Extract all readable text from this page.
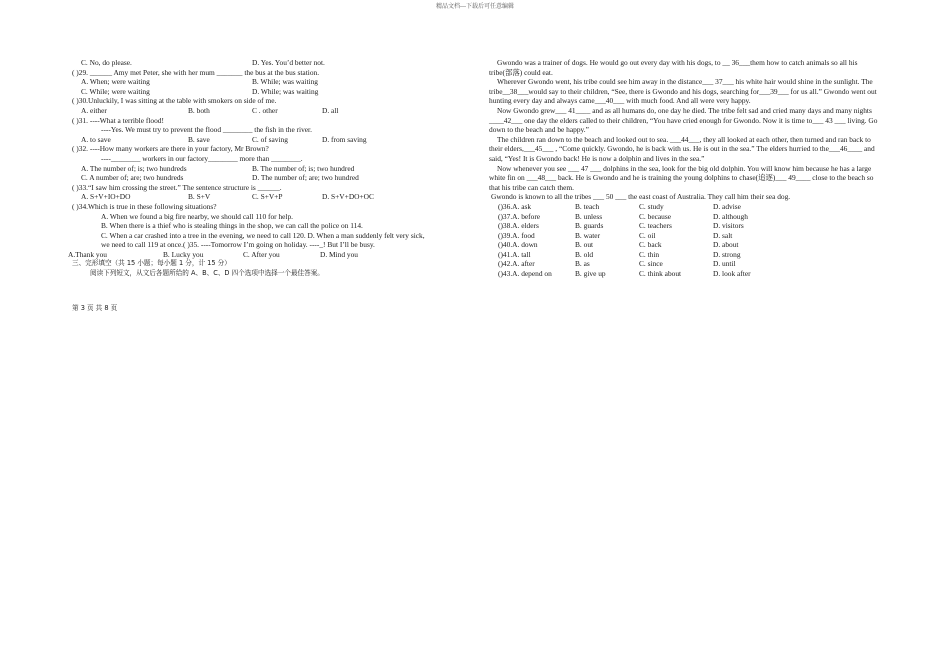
精品文档---下载后可任意编辑
C. No, do please.	D. Yes. You’d better not.
( )29. ______ Amy met Peter, she with her mum _______ the bus at the bus station.
A. When; were waiting	B. While; was waiting
C. While; were waiting	D. While; was waiting
( )30.Unluckily, I was sitting at the table with smokers on side of me.
A. either	B. both	C . other	D. all
( )31. ----What a terrible flood!
----Yes. We must try to prevent the flood ________ the fish in the river.
A. to save	B. save	C. of saving	D. from saving
( )32. ----How many workers are there in your factory, Mr Brown?
----________ workers in our factory________ more than ________.
A. The number of; is; two hundreds	B. The number of; is; two hundred
C. A number of; are; two hundreds	D. The number of; are; two hundred
( )33.“I saw him crossing the street.” The sentence structure is ______.
A. S+V+IO+DO	B. S+V	C. S+V+P	D. S+V+DO+OC
( )34.Which is true in these following situations?
A. When we found a big fire nearby, we should call 110 for help.
B. When there is a thief who is stealing things in the shop, we can call the police on 114.
C. When a car crashed into a tree in the evening, we need to call 120. D. When a man suddenly felt very sick, we need to call 119 at once.( )35. ----Tomorrow I’m going on holiday. ----_! But I’ll be busy.
A.Thank you	B. Lucky you	C. After you	D. Mind you
三、完形填空（共 15 小题；每小题 1 分，计 15 分）
阅读下列短文，从文后各题所给的 A、B、C、D 四个选项中选择一个最佳答案。
第 3 页 共 8 页
Gwondo was a trainer of dogs. He would go out every day with his dogs, to __ 36___them how to catch animals so all his tribe(部落) could eat.
Wherever Gwondo went, his tribe could see him away in the distance___ 37___ his white hair would shine in the sunlight. The tribe__38___would say to their children, “See, there is Gwondo and his dogs, searching for___39___ for us all.” Gwondo went out hunting every day and always came___40___ with much food. And all were very happy.
Now Gwondo grew___ 41____ and as all humans do, one day he died. The tribe felt sad and cried many days and many nights ____42___ one day the elders called to their children, “You have cried enough for Gwondo. Now it is time to___ 43 ___ living. Go down to the beach and be happy.”
The children ran down to the beach and looked out to sea. ___44___, they all looked at each other, then turned and ran back to their elders,___45___ , “Come quickly. Gwondo, he is back with us. He is out in the sea.” The elders hurried to the___46____ and said, “Yes! It is Gwondo back! He is now a dolphin and lives in the sea.”
Now whenever you see ___ 47 ___ dolphins in the sea, look for the big old dolphin. You will know him because he has a large white fin on ___48___ back. He is Gwondo and he is training the young dolphins to chase(追逐)___ 49____ close to the beach so that his tribe can catch them.
Gwondo is known to all the tribes ___ 50 ___ the east coast of Australia. They call him their sea dog.
()36.A. ask	B. teach	C. study	D. advise
()37.A. before	B. unless	C. because	D. although
()38.A. elders	B. guards	C. teachers	D. visitors
()39.A. food	B. water	C. oil	D. salt
()40.A. down	B. out	C. back	D. about
()41.A. tall	B. old	C. thin	D. strong
()42.A. after	B. as	C. since	D. until
()43.A. depend on	B. give up	C. think about	D. look after
